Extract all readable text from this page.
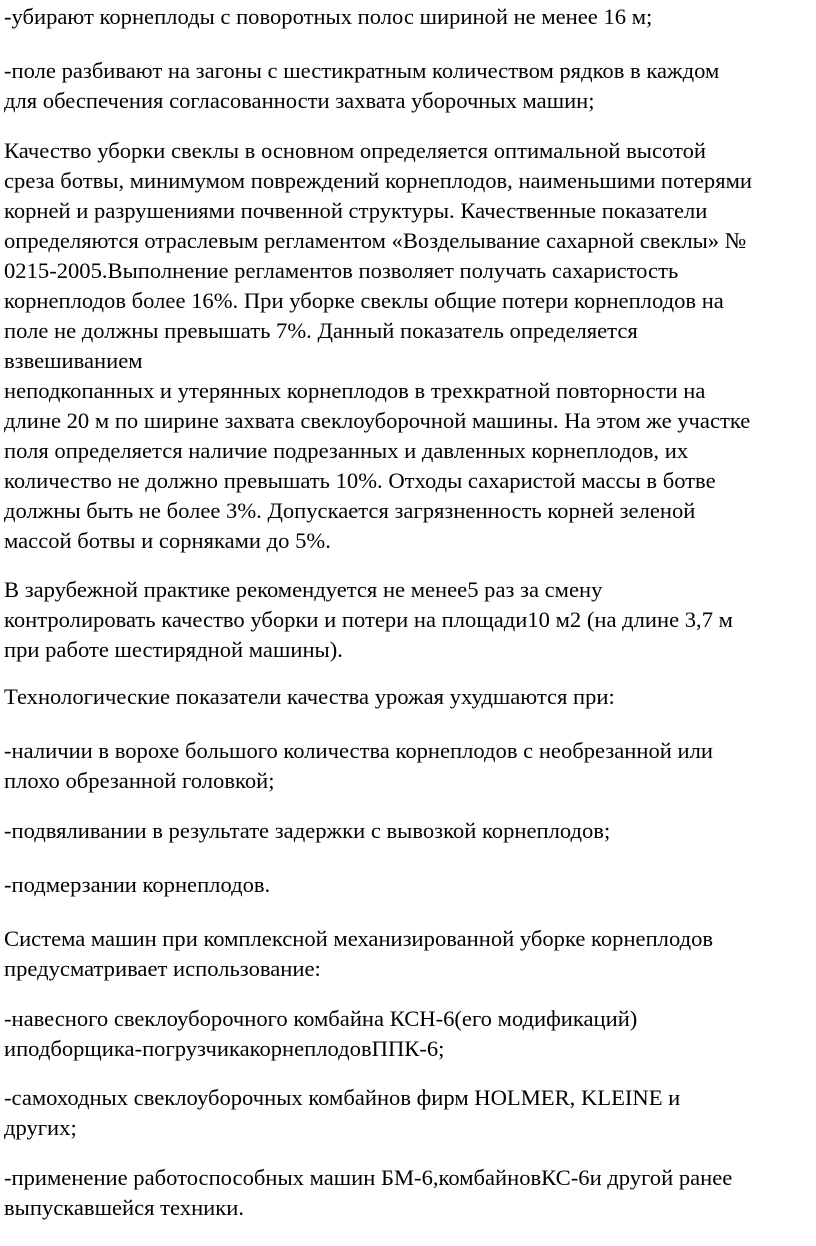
-убирают корнеплоды с поворотных полос шириной не менее 16 м;

-поле разбивают на загоны с шестикратным количеством рядков в каждом
для обеспечения согласованности захвата уборочных машин;

Качество уборки свеклы в основном определяется оптимальной высотой
среза ботвы, минимумом повреждений корнеплодов, наименьшими потерями
корней и разрушениями почвенной структуры. Качественные показатели
определяются отраслевым регламентом «Возделывание сахарной свеклы» №
0215-2005.Выполнение регламентов позволяет получать сахаристость
корнеплодов более 16%. При уборке свеклы общие потери корнеплодов на
поле не должны превышать 7%. Данный показатель определяется
взвешиванием

неподкопанных и утерянных корнеплодов в трехкратной повторности на
длине 20 м по ширине захвата свеклоуборочной машины. На этом же участке
поля определяется наличие подрезанных и давленных корнеплодов, их
количество не должно превышать 10%. Отходы сахаристой массы в ботве
должны быть не более 3%. Допускается загрязненность корней зеленой
массой ботвы и сорняками до 5%.

В зарубежной практике рекомендуется не менее5 раз за смену
контролировать качество уборки и потери на площади10 м2 (на длине 3,7 м
при работе шестирядной машины).

Технологические показатели качества урожая ухудшаются при:

-наличии в ворохе большого количества корнеплодов с необрезанной или
плохо обрезанной головкой;

-подвяливании в результате задержки с вывозкой корнеплодов;

-подмерзании корнеплодов.

Система машин при комплексной механизированной уборке корнеплодов
предусматривает использование:

-навесного свеклоуборочного комбайна КСН-6(его модификаций)
иподборщика-погрузчикакорнеплодовППК-6;

-самоходных свеклоуборочных комбайнов фирм HOLMER, KLEINE и
других;

-применение работоспособных машин БМ-6,комбайновКС-6и другой ранее
выпускавшейся техники.
